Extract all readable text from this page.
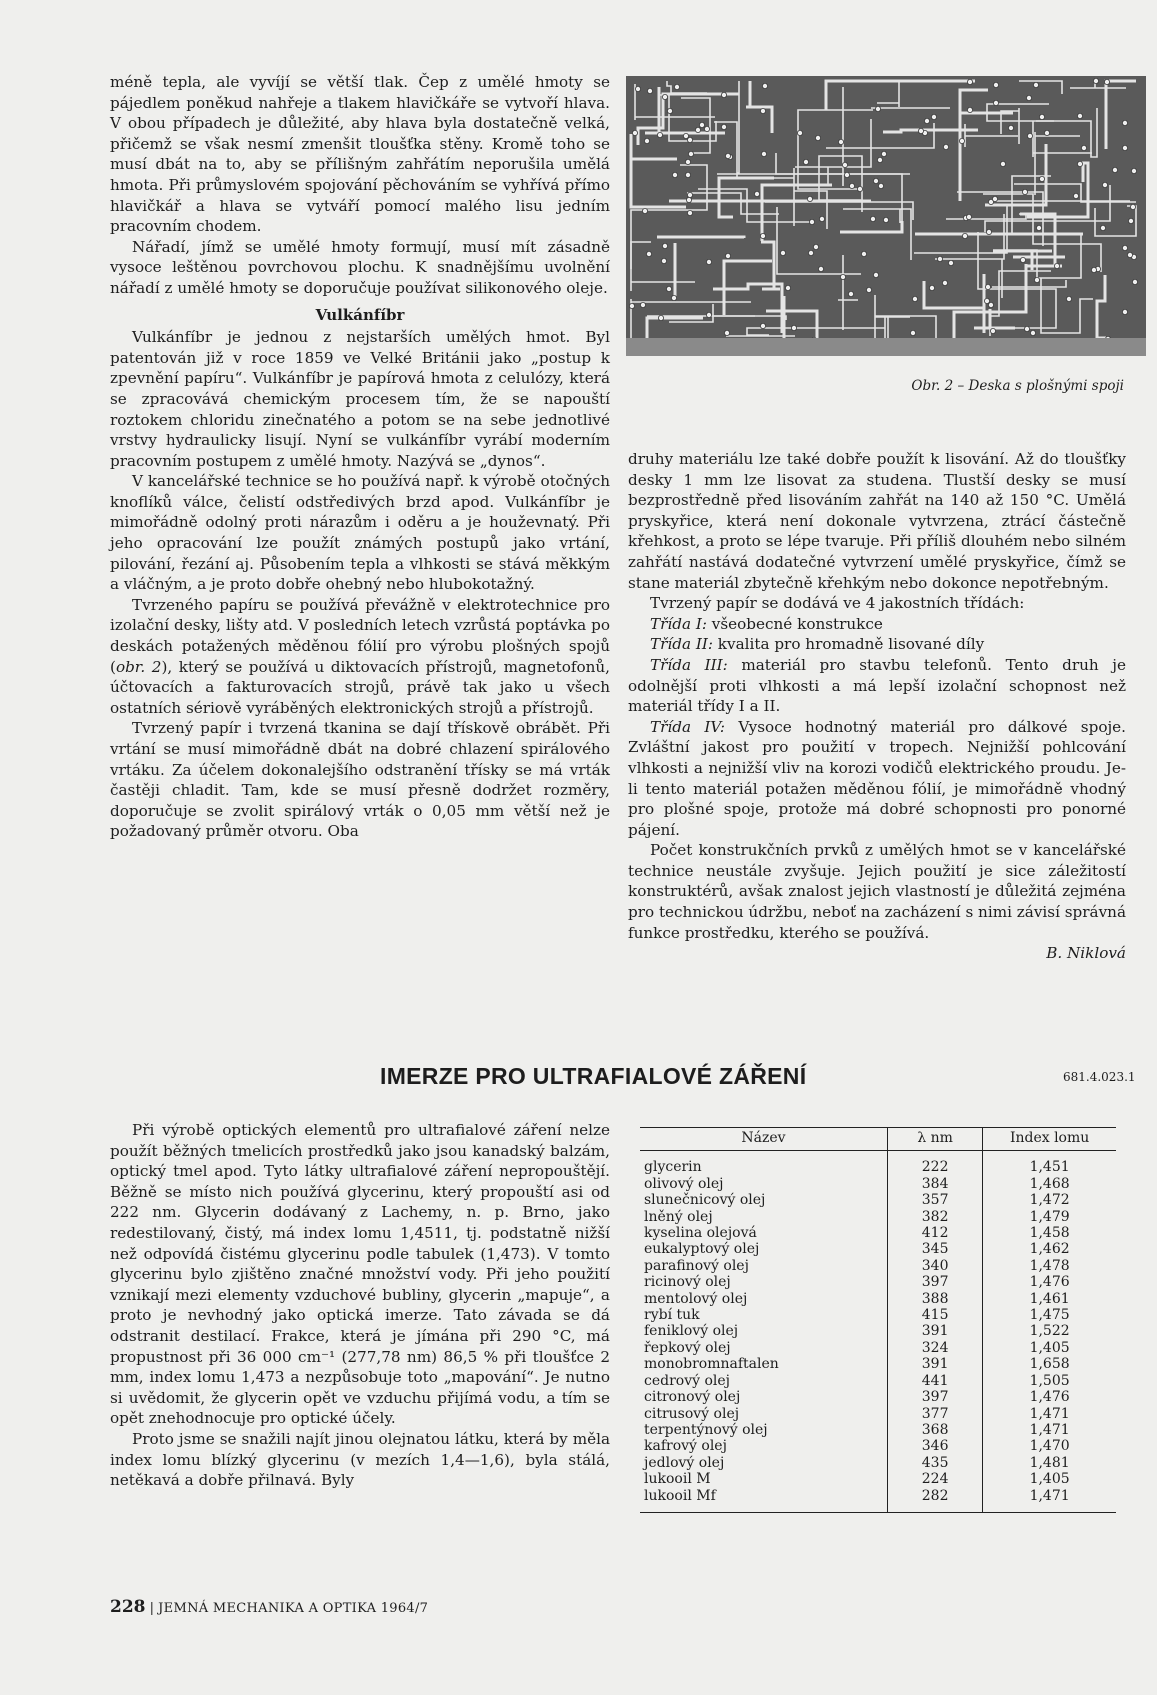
méně tepla, ale vyvíjí se větší tlak. Čep z umělé hmoty se pájedlem poněkud nahřeje a tlakem hlavičkáře se vytvoří hlava. V obou případech je důležité, aby hlava byla dostatečně velká, přičemž se však nesmí zmenšit tloušťka stěny. Kromě toho se musí dbát na to, aby se přílišným zahřátím neporušila umělá hmota. Při průmyslovém spojování pěchováním se vyhřívá přímo hlavičkář a hlava se vytváří pomocí malého lisu jedním pracovním chodem.

Nářadí, jímž se umělé hmoty formují, musí mít zásadně vysoce leštěnou povrchovou plochu. K snadnějšímu uvolnění nářadí z umělé hmoty se doporučuje používat silikonového oleje.

Vulkánfíbr

Vulkánfíbr je jednou z nejstarších umělých hmot. Byl patentován již v roce 1859 ve Velké Británii jako „postup k zpevnění papíru“. Vulkánfíbr je papírová hmota z celulózy, která se zpracovává chemickým procesem tím, že se napouští roztokem chloridu zinečnatého a potom se na sebe jednotlivé vrstvy hydraulicky lisují. Nyní se vulkánfíbr vyrábí moderním pracovním postupem z umělé hmoty. Nazývá se „dynos“.

V kancelářské technice se ho používá např. k výrobě otočných knoflíků válce, čelistí odstředivých brzd apod. Vulkánfíbr je mimořádně odolný proti nárazům i oděru a je houževnatý. Při jeho opracování lze použít známých postupů jako vrtání, pilování, řezání aj. Působením tepla a vlhkosti se stává měkkým a vláčným, a je proto dobře ohebný nebo hlubokotažný.

Tvrzeného papíru se používá převážně v elektrotechnice pro izolační desky, lišty atd. V posledních letech vzrůstá poptávka po deskách potažených měděnou fólií pro výrobu plošných spojů (obr. 2), který se používá u diktovacích přístrojů, magnetofonů, účtovacích a fakturovacích strojů, právě tak jako u všech ostatních sériově vyráběných elektronických strojů a přístrojů.

Tvrzený papír i tvrzená tkanina se dají třískově obrábět. Při vrtání se musí mimořádně dbát na dobré chlazení spirálového vrtáku. Za účelem dokonalejšího odstranění třísky se má vrták častěji chladit. Tam, kde se musí přesně dodržet rozměry, doporučuje se zvolit spirálový vrták o 0,05 mm větší než je požadovaný průměr otvoru. Oba

Obr. 2 – Deska s plošnými spoji

druhy materiálu lze také dobře použít k lisování. Až do tloušťky desky 1 mm lze lisovat za studena. Tlustší desky se musí bezprostředně před lisováním zahřát na 140 až 150 °C. Umělá pryskyřice, která není dokonale vytvrzena, ztrácí částečně křehkost, a proto se lépe tvaruje. Při příliš dlouhém nebo silném zahřátí nastává dodatečné vytvrzení umělé pryskyřice, čímž se stane materiál zbytečně křehkým nebo dokonce nepotřebným.

Tvrzený papír se dodává ve 4 jakostních třídách:

Třída I: všeobecné konstrukce

Třída II: kvalita pro hromadně lisované díly

Třída III: materiál pro stavbu telefonů. Tento druh je odolnější proti vlhkosti a má lepší izolační schopnost než materiál třídy I a II.

Třída IV: Vysoce hodnotný materiál pro dálkové spoje. Zvláštní jakost pro použití v tropech. Nejnižší pohlcování vlhkosti a nejnižší vliv na korozi vodičů elektrického proudu. Je-li tento materiál potažen měděnou fólií, je mimořádně vhodný pro plošné spoje, protože má dobré schopnosti pro ponorné pájení.

Počet konstrukčních prvků z umělých hmot se v kancelářské technice neustále zvyšuje. Jejich použití je sice záležitostí konstruktérů, avšak znalost jejich vlastností je důležitá zejména pro technickou údržbu, neboť na zacházení s nimi závisí správná funkce prostředku, kterého se používá.

B. Niklová
IMERZE PRO ULTRAFIALOVÉ ZÁŘENÍ	681.4.023.1

Při výrobě optických elementů pro ultrafialové záření nelze použít běžných tmelicích prostředků jako jsou kanadský balzám, optický tmel apod. Tyto látky ultrafialové záření nepropouštějí. Běžně se místo nich používá glycerinu, který propouští asi od 222 nm. Glycerin dodávaný z Lachemy, n. p. Brno, jako redestilovaný, čistý, má index lomu 1,4511, tj. podstatně nižší než odpovídá čistému glycerinu podle tabulek (1,473). V tomto glycerinu bylo zjištěno značné množství vody. Při jeho použití vznikají mezi elementy vzduchové bubliny, glycerin „mapuje“, a proto je nevhodný jako optická imerze. Tato závada se dá odstranit destilací. Frakce, která je jímána při 290 °C, má propustnost při 36 000 cm⁻¹ (277,78 nm) 86,5 % při tloušťce 2 mm, index lomu 1,473 a nezpůsobuje toto „mapování“. Je nutno si uvědomit, že glycerin opět ve vzduchu přijímá vodu, a tím se opět znehodnocuje pro optické účely.

Proto jsme se snažili najít jinou olejnatou látku, která by měla index lomu blízký glycerinu (v mezích 1,4—1,6), byla stálá, netěkavá a dobře přilnavá. Byly

Název	λ nm	Index lomu
glycerin	222	1,451
olivový olej	384	1,468
slunečnicový olej	357	1,472
lněný olej	382	1,479
kyselina olejová	412	1,458
eukalyptový olej	345	1,462
parafinový olej	340	1,478
ricinový olej	397	1,476
mentolový olej	388	1,461
rybí tuk	415	1,475
feniklový olej	391	1,522
řepkový olej	324	1,405
monobromnaftalen	391	1,658
cedrový olej	441	1,505
citronový olej	397	1,476
citrusový olej	377	1,471
terpentýnový olej	368	1,471
kafrový olej	346	1,470
jedlový olej	435	1,481
lukooil M	224	1,405
lukooil Mf	282	1,471
228 | JEMNÁ MECHANIKA A OPTIKA 1964/7
